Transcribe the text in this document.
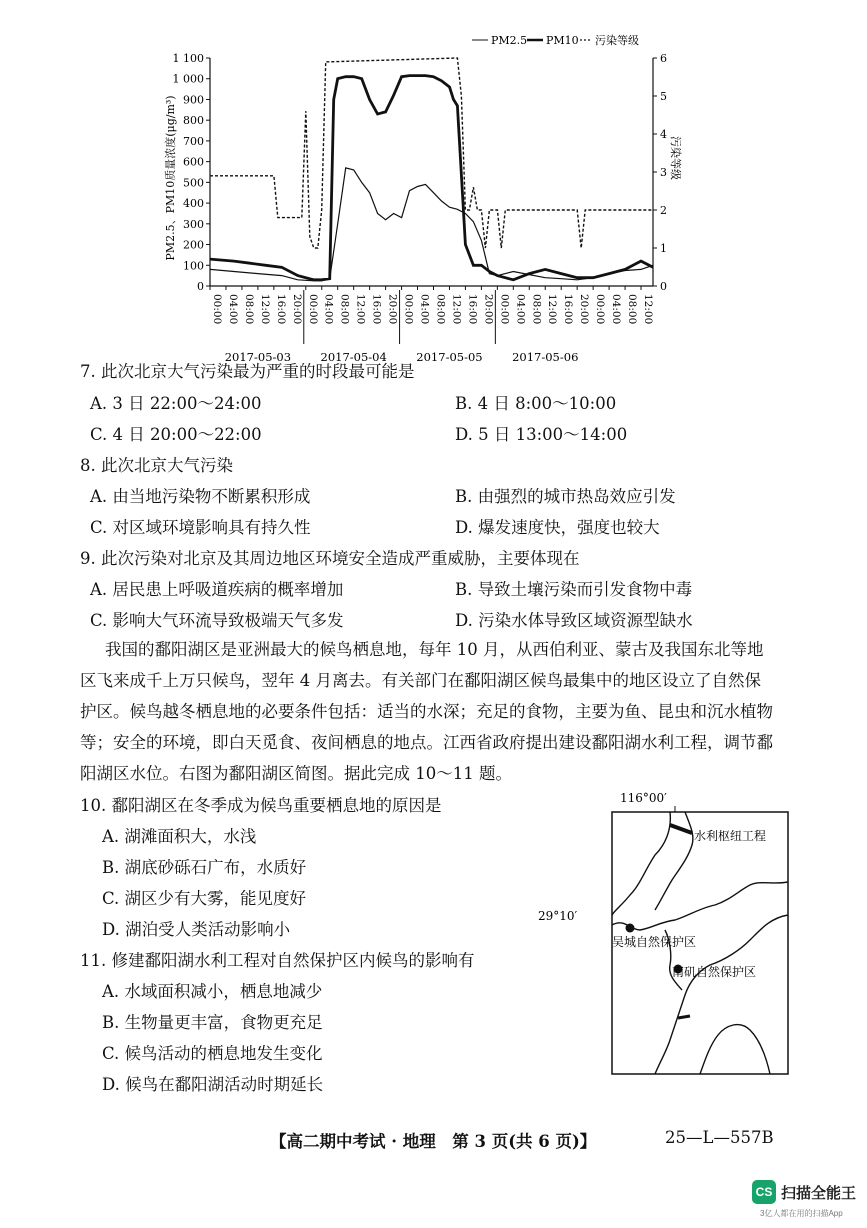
PM2.5 PM10 污染等级
PM2.5、PM10质量浓度(μg/m³)	污染等级
0
100
200
300
400
500
600
700
800
900
1 000
1 100
0
1
2
3
4
5
6
00:00 04:00 08:00 12:00 16:00 20:00 00:00 04:00 08:00 12:00 16:00 20:00 00:00 04:00 08:00 12:00 16:00 20:00 00:00 04:00 08:00 12:00 16:00 20:00 00:00 04:00 08:00 12:00
2017-05-03	2017-05-04	2017-05-05	2017-05-06
7. 此次北京大气污染最为严重的时段最可能是
A. 3 日 22:00～24:00	B. 4 日 8:00～10:00
C. 4 日 20:00～22:00	D. 5 日 13:00～14:00
8. 此次北京大气污染
A. 由当地污染物不断累积形成	B. 由强烈的城市热岛效应引发
C. 对区域环境影响具有持久性	D. 爆发速度快，强度也较大
9. 此次污染对北京及其周边地区环境安全造成严重威胁，主要体现在
A. 居民患上呼吸道疾病的概率增加	B. 导致土壤污染而引发食物中毒
C. 影响大气环流导致极端天气多发	D. 污染水体导致区域资源型缺水

我国的鄱阳湖区是亚洲最大的候鸟栖息地，每年 10 月，从西伯利亚、蒙古及我国东北等地

区飞来成千上万只候鸟，翌年 4 月离去。有关部门在鄱阳湖区候鸟最集中的地区设立了自然保

护区。候鸟越冬栖息地的必要条件包括：适当的水深；充足的食物，主要为鱼、昆虫和沉水植物

等；安全的环境，即白天觅食、夜间栖息的地点。江西省政府提出建设鄱阳湖水利工程，调节鄱

阳湖区水位。右图为鄱阳湖区简图。据此完成 10～11 题。

10. 鄱阳湖区在冬季成为候鸟重要栖息地的原因是
A. 湖滩面积大，水浅
B. 湖底砂砾石广布，水质好
C. 湖区少有大雾，能见度好
D. 湖泊受人类活动影响小
11. 修建鄱阳湖水利工程对自然保护区内候鸟的影响有
A. 水域面积减小，栖息地减少
B. 生物量更丰富，食物更充足
C. 候鸟活动的栖息地发生变化
D. 候鸟在鄱阳湖活动时期延长
116°00′
水利枢纽工程
29°10′
吴城自然保护区
南矶自然保护区
【高二期中考试 · 地理　第 3 页(共 6 页)】	25—L—557B
CS 扫描全能王
3亿人都在用的扫描App
